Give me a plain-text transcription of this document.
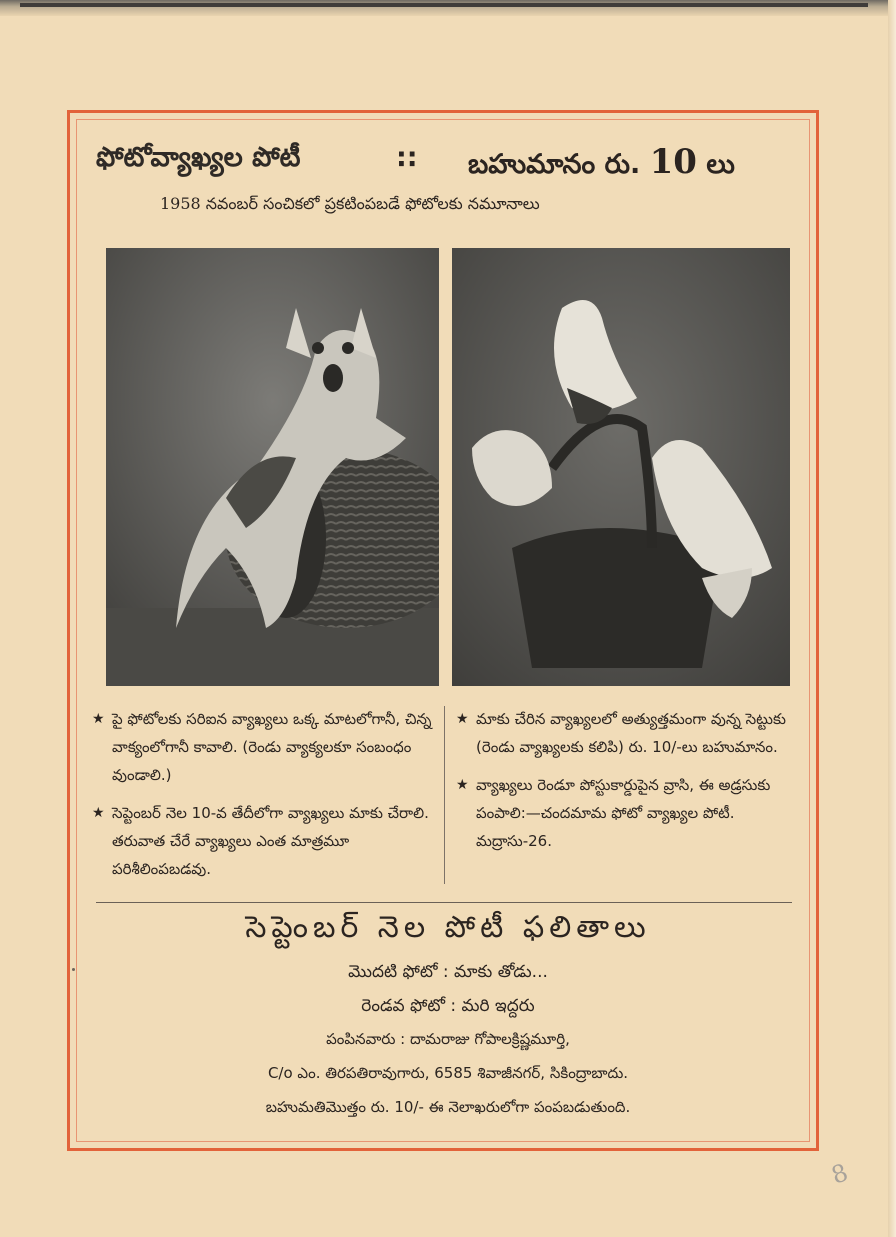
ఫోటోవ్యాఖ్యల పోటీ	:: బహుమానం రు. 10 లు
1958 నవంబర్ సంచికలో ప్రకటింపబడే ఫోటోలకు నమూనాలు
★ పై ఫోటోలకు సరిఐన వ్యాఖ్యలు ఒక్క మాటలోగానీ, చిన్న వాక్యంలోగానీ కావాలి. (రెండు వ్యాక్యలకూ సంబంధం వుండాలి.)
★ సెప్టెంబర్ నెల 10-వ తేదీలోగా వ్యాఖ్యలు మాకు చేరాలి. తరువాత చేరే వ్యాఖ్యలు ఎంత మాత్రమూ పరిశీలింపబడవు.
★ మాకు చేరిన వ్యాఖ్యలలో అత్యుత్తమంగా వున్న సెట్టుకు (రెండు వ్యాఖ్యలకు కలిపి) రు. 10/-లు బహుమానం.
★ వ్యాఖ్యలు రెండూ పోస్టుకార్డుపైన వ్రాసి, ఈ అడ్రసుకు పంపాలి:—చందమామ ఫోటో వ్యాఖ్యల పోటీ. మద్రాసు-26.
సెప్టెంబర్ నెల పోటీ ఫలితాలు
మొదటి ఫోటో : మాకు తోడు...
రెండవ ఫోటో : మరి ఇద్దరు
పంపినవారు : దామరాజు గోపాలక్రిష్ణమూర్తి,
C/o ఎం. తిరపతిరావుగారు, 6585 శివాజీనగర్, సికింద్రాబాదు.
బహుమతిమొత్తం రు. 10/- ఈ నెలాఖరులోగా పంపబడుతుంది.
8
